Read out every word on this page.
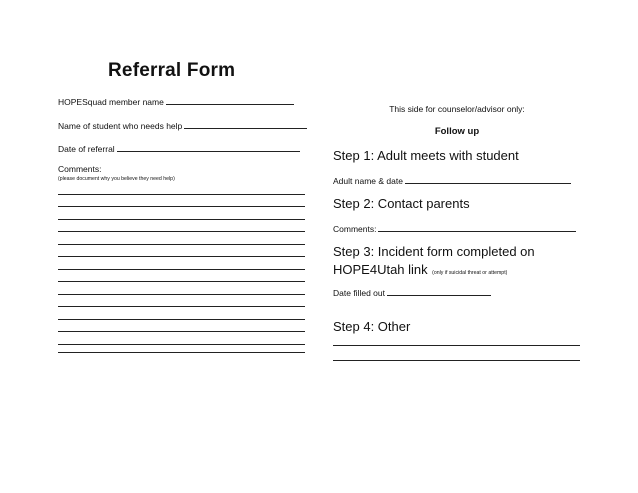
Referral Form
HOPESquad member name
Name of student who needs help
Date of referral
Comments:
(please document why you believe they need help)
This side for counselor/advisor only:
Follow up
Step 1: Adult meets with student
Adult name & date
Step 2: Contact parents
Comments:
Step 3: Incident form completed on
HOPE4Utah link (only if suicidal threat or attempt)
Date filled out
Step 4: Other
